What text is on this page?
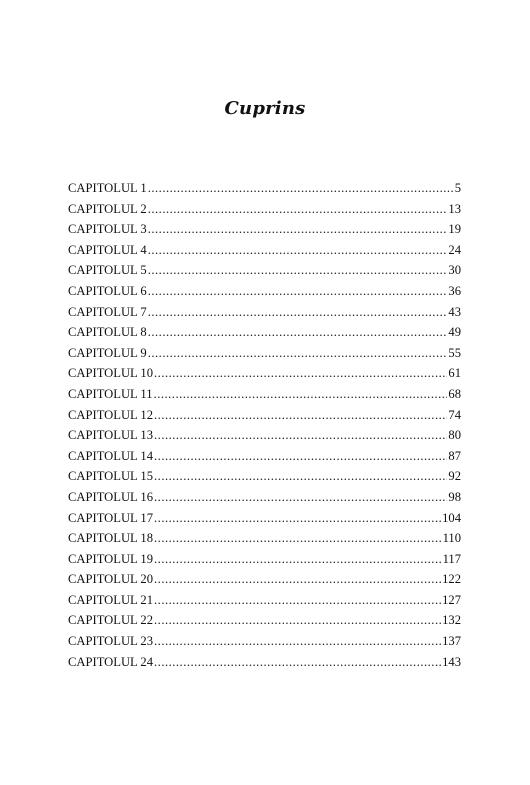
Cuprins
CAPITOLUL 1 .....	5
CAPITOLUL 2 .....	13
CAPITOLUL 3 .....	19
CAPITOLUL 4 .....	24
CAPITOLUL 5 .....	30
CAPITOLUL 6 .....	36
CAPITOLUL 7 .....	43
CAPITOLUL 8 .....	49
CAPITOLUL 9 .....	55
CAPITOLUL 10 .....	61
CAPITOLUL 11 .....	68
CAPITOLUL 12 .....	74
CAPITOLUL 13 .....	80
CAPITOLUL 14 .....	87
CAPITOLUL 15 .....	92
CAPITOLUL 16 .....	98
CAPITOLUL 17 .....	104
CAPITOLUL 18 .....	110
CAPITOLUL 19 .....	117
CAPITOLUL 20 .....	122
CAPITOLUL 21 .....	127
CAPITOLUL 22 .....	132
CAPITOLUL 23 .....	137
CAPITOLUL 24 .....	143
